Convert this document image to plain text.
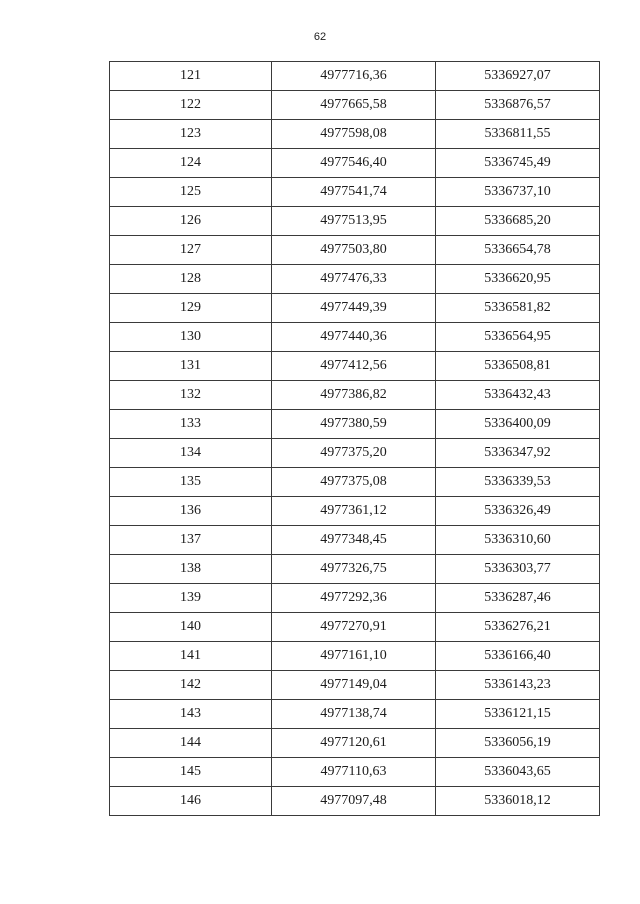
62
121	4977716,36	5336927,07
122	4977665,58	5336876,57
123	4977598,08	5336811,55
124	4977546,40	5336745,49
125	4977541,74	5336737,10
126	4977513,95	5336685,20
127	4977503,80	5336654,78
128	4977476,33	5336620,95
129	4977449,39	5336581,82
130	4977440,36	5336564,95
131	4977412,56	5336508,81
132	4977386,82	5336432,43
133	4977380,59	5336400,09
134	4977375,20	5336347,92
135	4977375,08	5336339,53
136	4977361,12	5336326,49
137	4977348,45	5336310,60
138	4977326,75	5336303,77
139	4977292,36	5336287,46
140	4977270,91	5336276,21
141	4977161,10	5336166,40
142	4977149,04	5336143,23
143	4977138,74	5336121,15
144	4977120,61	5336056,19
145	4977110,63	5336043,65
146	4977097,48	5336018,12
